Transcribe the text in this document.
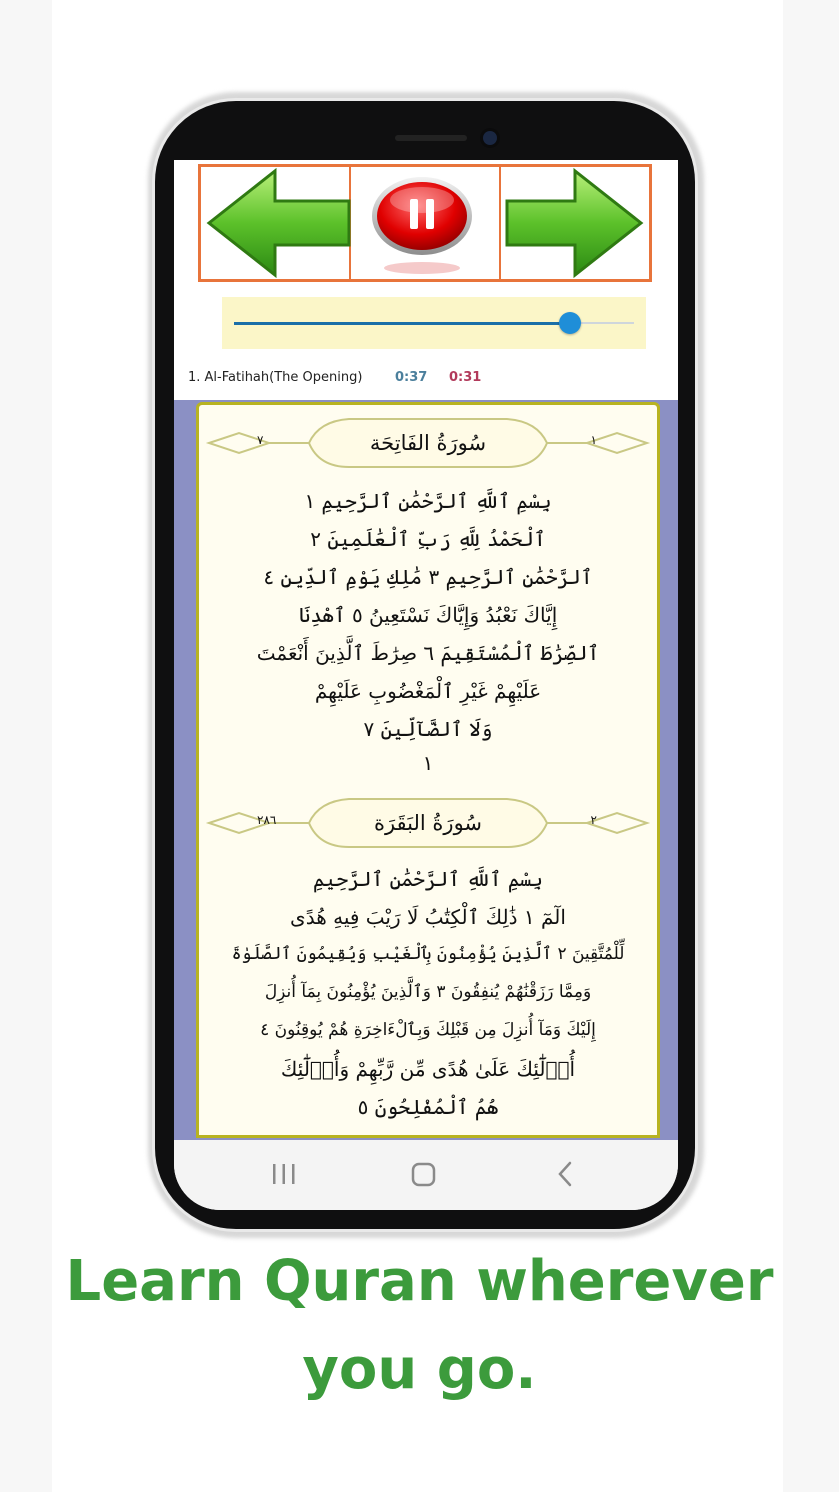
1. Al-Fatihah(The Opening)	0:37 0:31
سُورَةُ الفَاتِحَة
٧	١
بِسْمِ ٱللَّهِ ٱلرَّحْمَٰنِ ٱلرَّحِيمِ ١
ٱلْحَمْدُ لِلَّهِ رَبِّ ٱلْعَٰلَمِينَ ٢
ٱلرَّحْمَٰنِ ٱلرَّحِيمِ ٣ مَٰلِكِ يَوْمِ ٱلدِّينِ ٤
إِيَّاكَ نَعْبُدُ وَإِيَّاكَ نَسْتَعِينُ ٥ ٱهْدِنَا
ٱلصِّرَٰطَ ٱلْمُسْتَقِيمَ ٦ صِرَٰطَ ٱلَّذِينَ أَنْعَمْتَ
عَلَيْهِمْ غَيْرِ ٱلْمَغْضُوبِ عَلَيْهِمْ
وَلَا ٱلضَّآلِّينَ ٧
١
سُورَةُ البَقَرَة
٢٨٦	٢
بِسْمِ ٱللَّهِ ٱلرَّحْمَٰنِ ٱلرَّحِيمِ
الٓمٓ ١ ذَٰلِكَ ٱلْكِتَٰبُ لَا رَيْبَ فِيهِ هُدًى
لِّلْمُتَّقِينَ ٢ ٱلَّذِينَ يُؤْمِنُونَ بِٱلْغَيْبِ وَيُقِيمُونَ ٱلصَّلَوٰةَ
وَمِمَّا رَزَقْنَٰهُمْ يُنفِقُونَ ٣ وَٱلَّذِينَ يُؤْمِنُونَ بِمَآ أُنزِلَ
إِلَيْكَ وَمَآ أُنزِلَ مِن قَبْلِكَ وَبِٱلْءَاخِرَةِ هُمْ يُوقِنُونَ ٤
أُو۟لَٰٓئِكَ عَلَىٰ هُدًى مِّن رَّبِّهِمْ وَأُو۟لَٰٓئِكَ
هُمُ ٱلْمُفْلِحُونَ ٥
Learn Quran wherever
you go.
